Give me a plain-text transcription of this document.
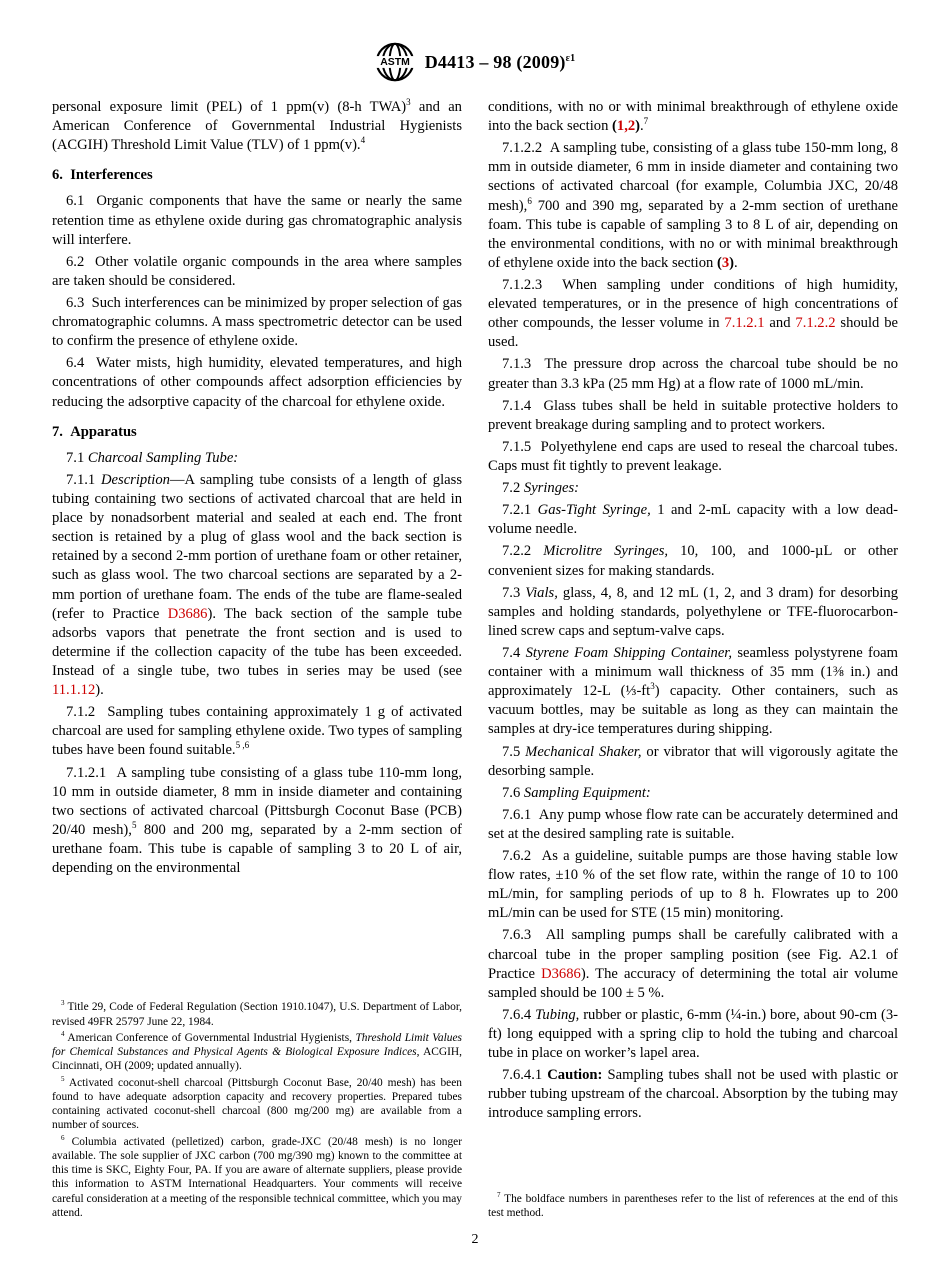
ASTM D4413 – 98 $(2009)^{\varepsilon 1}$

personal exposure limit (PEL) of 1 ppm(v) (8-h TWA)$^3$ and an American Conference of Governmental Industrial Hygienists (ACGIH) Threshold Limit Value (TLV) of 1 ppm(v).$^4$

6.  Interferences

6.1  Organic components that have the same or nearly the same retention time as ethylene oxide during gas chromatographic analysis will interfere.

6.2  Other volatile organic compounds in the area where samples are taken should be considered.

6.3  Such interferences can be minimized by proper selection of gas chromatographic columns. A mass spectrometric detector can be used to confirm the presence of ethylene oxide.

6.4  Water mists, high humidity, elevated temperatures, and high concentrations of other compounds affect adsorption efficiencies by reducing the adsorptive capacity of the charcoal for ethylene oxide.

7.  Apparatus

7.1 Charcoal Sampling Tube:

7.1.1 Description—A sampling tube consists of a length of glass tubing containing two sections of activated charcoal that are held in place by nonadsorbent material and sealed at each end. The front section is retained by a plug of glass wool and the back section is retained by a second 2-mm portion of urethane foam or other retainer, such as glass wool. The two charcoal sections are separated by a 2-mm portion of urethane foam. The ends of the tube are flame-sealed (refer to Practice D3686). The back section of the sample tube adsorbs vapors that penetrate the front section and is used to determine if the collection capacity of the tube has been exceeded. Instead of a single tube, two tubes in series may be used (see 11.1.12).

7.1.2  Sampling tubes containing approximately 1 g of activated charcoal are used for sampling ethylene oxide. Two types of sampling tubes have been found suitable.$^{5 ,6}$

7.1.2.1  A sampling tube consisting of a glass tube 110-mm long, 10 mm in outside diameter, 8 mm in inside diameter and containing two sections of activated charcoal (Pittsburgh Coconut Base (PCB) 20/40 mesh),$^5$ 800 and 200 mg, separated by a 2-mm section of urethane foam. This tube is capable of sampling 3 to 20 L of air, depending on the environmental

$^3$ Title 29, Code of Federal Regulation (Section 1910.1047), U.S. Department of Labor, revised 49FR 25797 June 22, 1984.

$^4$ American Conference of Governmental Industrial Hygienists, Threshold Limit Values for Chemical Substances and Physical Agents & Biological Exposure Indices, ACGIH, Cincinnati, OH (2009; updated annually).

$^5$ Activated coconut-shell charcoal (Pittsburgh Coconut Base, 20/40 mesh) has been found to have adequate adsorption capacity and recovery properties. Prepared tubes containing activated coconut-shell charcoal (800 mg/200 mg) are available from a number of sources.

$^6$ Columbia activated (pelletized) carbon, grade-JXC (20/48 mesh) is no longer available. The sole supplier of JXC carbon (700 mg/390 mg) known to the committee at this time is SKC, Eighty Four, PA. If you are aware of alternate suppliers, please provide this information to ASTM International Headquarters. Your comments will receive careful consideration at a meeting of the responsible technical committee, which you may attend.

conditions, with no or with minimal breakthrough of ethylene oxide into the back section (1,2).$^7$

7.1.2.2  A sampling tube, consisting of a glass tube 150-mm long, 8 mm in outside diameter, 6 mm in inside diameter and containing two sections of activated charcoal (for example, Columbia JXC, 20/48 mesh),$^6$ 700 and 390 mg, separated by a 2-mm section of urethane foam. This tube is capable of sampling 3 to 8 L of air, depending on the environmental conditions, with no or with minimal breakthrough of ethylene oxide into the back section (3).

7.1.2.3  When sampling under conditions of high humidity, elevated temperatures, or in the presence of high concentrations of other compounds, the lesser volume in 7.1.2.1 and 7.1.2.2 should be used.

7.1.3  The pressure drop across the charcoal tube should be no greater than 3.3 kPa (25 mm Hg) at a flow rate of 1000 mL/min.

7.1.4  Glass tubes shall be held in suitable protective holders to prevent breakage during sampling and to protect workers.

7.1.5  Polyethylene end caps are used to reseal the charcoal tubes. Caps must fit tightly to prevent leakage.

7.2 Syringes:

7.2.1 Gas-Tight Syringe, 1 and 2-mL capacity with a low dead-volume needle.

7.2.2 Microlitre Syringes, 10, 100, and 1000-µL or other convenient sizes for making standards.

7.3 Vials, glass, 4, 8, and 12 mL (1, 2, and 3 dram) for desorbing samples and holding standards, polyethylene or TFE-fluorocarbon-lined screw caps and septum-valve caps.

7.4 Styrene Foam Shipping Container, seamless polystyrene foam container with a minimum wall thickness of 35 mm (1⅜ in.) and approximately 12-L $(\frac{1}{3}-ft^3)$ capacity. Other containers, such as vacuum bottles, may be suitable as long as they can maintain the samples at dry-ice temperatures during shipping.

7.5 Mechanical Shaker, or vibrator that will vigorously agitate the desorbing sample.

7.6 Sampling Equipment:

7.6.1  Any pump whose flow rate can be accurately determined and set at the desired sampling rate is suitable.

7.6.2  As a guideline, suitable pumps are those having stable low flow rates, ±10 % of the set flow rate, within the range of 10 to 100 mL/min, for sampling periods of up to 8 h. Flowrates up to 200 mL/min can be used for STE (15 min) monitoring.

7.6.3  All sampling pumps shall be carefully calibrated with a charcoal tube in the proper sampling position (see Fig. A2.1 of Practice D3686). The accuracy of determining the total air volume sampled should be 100 ± 5 %.

7.6.4 Tubing, rubber or plastic, 6-mm (¼-in.) bore, about 90-cm (3-ft) long equipped with a spring clip to hold the tubing and charcoal tube in place on worker’s lapel area.

7.6.4.1 Caution: Sampling tubes shall not be used with plastic or rubber tubing upstream of the charcoal. Absorption by the tubing may introduce sampling errors.

$^7$ The boldface numbers in parentheses refer to the list of references at the end of this test method.

2
